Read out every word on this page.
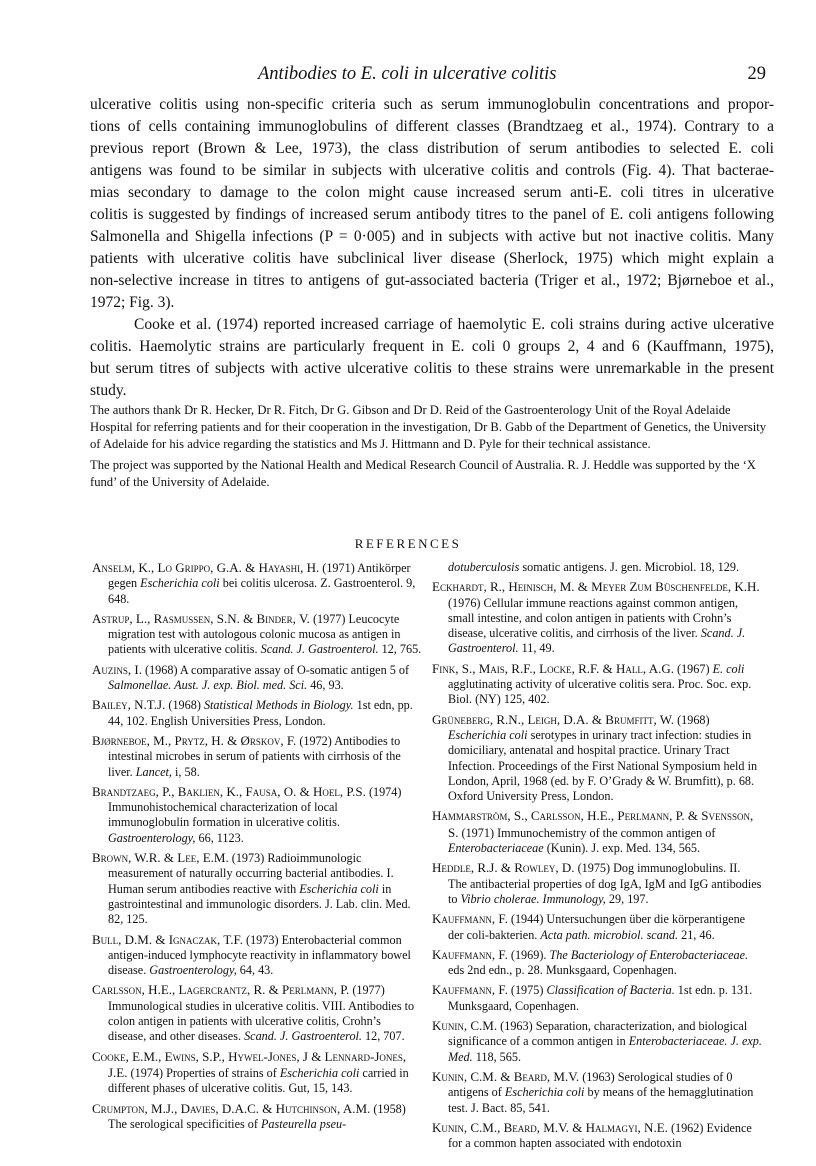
Antibodies to E. coli in ulcerative colitis	29

ulcerative colitis using non-specific criteria such as serum immunoglobulin concentrations and propor-
tions of cells containing immunoglobulins of different classes (Brandtzaeg et al., 1974). Contrary to a
previous report (Brown & Lee, 1973), the class distribution of serum antibodies to selected E. coli
antigens was found to be similar in subjects with ulcerative colitis and controls (Fig. 4). That bacterae-
mias secondary to damage to the colon might cause increased serum anti-E. coli titres in ulcerative
colitis is suggested by findings of increased serum antibody titres to the panel of E. coli antigens following
Salmonella and Shigella infections (P = 0·005) and in subjects with active but not inactive colitis. Many
patients with ulcerative colitis have subclinical liver disease (Sherlock, 1975) which might explain a
non-selective increase in titres to antigens of gut-associated bacteria (Triger et al., 1972; Bjørneboe et al.,
1972; Fig. 3).

Cooke et al. (1974) reported increased carriage of haemolytic E. coli strains during active ulcerative
colitis. Haemolytic strains are particularly frequent in E. coli 0 groups 2, 4 and 6 (Kauffmann, 1975),
but serum titres of subjects with active ulcerative colitis to these strains were unremarkable in the present
study.

The authors thank Dr R. Hecker, Dr R. Fitch, Dr G. Gibson and Dr D. Reid of the Gastroenterology Unit of the Royal Adelaide Hospital for referring patients and for their cooperation in the investigation, Dr B. Gabb of the Department of Genetics, the University of Adelaide for his advice regarding the statistics and Ms J. Hittmann and D. Pyle for their technical assistance.

The project was supported by the National Health and Medical Research Council of Australia. R. J. Heddle was supported by the ‘X fund’ of the University of Adelaide.

REFERENCES

Anselm, K., Lo Grippo, G.A. & Hayashi, H. (1971) Antikörper gegen Escherichia coli bei colitis ulcerosa. Z. Gastroenterol. 9, 648.

Astrup, L., Rasmussen, S.N. & Binder, V. (1977) Leucocyte migration test with autologous colonic mucosa as antigen in patients with ulcerative colitis. Scand. J. Gastroenterol. 12, 765.

Auzins, I. (1968) A comparative assay of O-somatic antigen 5 of Salmonellae. Aust. J. exp. Biol. med. Sci. 46, 93.

Bailey, N.T.J. (1968) Statistical Methods in Biology. 1st edn, pp. 44, 102. English Universities Press, London.

Bjørneboe, M., Prytz, H. & Ørskov, F. (1972) Antibodies to intestinal microbes in serum of patients with cirrhosis of the liver. Lancet, i, 58.

Brandtzaeg, P., Baklien, K., Fausa, O. & Hoel, P.S. (1974) Immunohistochemical characterization of local immunoglobulin formation in ulcerative colitis. Gastroenterology, 66, 1123.

Brown, W.R. & Lee, E.M. (1973) Radioimmunologic measurement of naturally occurring bacterial antibodies. I. Human serum antibodies reactive with Escherichia coli in gastrointestinal and immunologic disorders. J. Lab. clin. Med. 82, 125.

Bull, D.M. & Ignaczak, T.F. (1973) Enterobacterial common antigen-induced lymphocyte reactivity in inflammatory bowel disease. Gastroenterology, 64, 43.

Carlsson, H.E., Lagercrantz, R. & Perlmann, P. (1977) Immunological studies in ulcerative colitis. VIII. Antibodies to colon antigen in patients with ulcerative colitis, Crohn’s disease, and other diseases. Scand. J. Gastroenterol. 12, 707.

Cooke, E.M., Ewins, S.P., Hywel-Jones, J & Lennard-Jones, J.E. (1974) Properties of strains of Escherichia coli carried in different phases of ulcerative colitis. Gut, 15, 143.

Crumpton, M.J., Davies, D.A.C. & Hutchinson, A.M. (1958) The serological specificities of Pasteurella pseu-

dotuberculosis somatic antigens. J. gen. Microbiol. 18, 129.

Eckhardt, R., Heinisch, M. & Meyer Zum Büschenfelde, K.H. (1976) Cellular immune reactions against common antigen, small intestine, and colon antigen in patients with Crohn’s disease, ulcerative colitis, and cirrhosis of the liver. Scand. J. Gastroenterol. 11, 49.

Fink, S., Mais, R.F., Locke, R.F. & Hall, A.G. (1967) E. coli agglutinating activity of ulcerative colitis sera. Proc. Soc. exp. Biol. (NY) 125, 402.

Grüneberg, R.N., Leigh, D.A. & Brumfitt, W. (1968) Escherichia coli serotypes in urinary tract infection: studies in domiciliary, antenatal and hospital practice. Urinary Tract Infection. Proceedings of the First National Symposium held in London, April, 1968 (ed. by F. O’Grady & W. Brumfitt), p. 68. Oxford University Press, London.

Hammarström, S., Carlsson, H.E., Perlmann, P. & Svensson, S. (1971) Immunochemistry of the common antigen of Enterobacteriaceae (Kunin). J. exp. Med. 134, 565.

Heddle, R.J. & Rowley, D. (1975) Dog immunoglobulins. II. The antibacterial properties of dog IgA, IgM and IgG antibodies to Vibrio cholerae. Immunology, 29, 197.

Kauffmann, F. (1944) Untersuchungen über die körperantigene der coli-bakterien. Acta path. microbiol. scand. 21, 46.

Kauffmann, F. (1969). The Bacteriology of Enterobacteriaceae. eds 2nd edn., p. 28. Munksgaard, Copenhagen.

Kauffmann, F. (1975) Classification of Bacteria. 1st edn. p. 131. Munksgaard, Copenhagen.

Kunin, C.M. (1963) Separation, characterization, and biological significance of a common antigen in Enterobacteriaceae. J. exp. Med. 118, 565.

Kunin, C.M. & Beard, M.V. (1963) Serological studies of 0 antigens of Escherichia coli by means of the hemagglutination test. J. Bact. 85, 541.

Kunin, C.M., Beard, M.V. & Halmagyi, N.E. (1962) Evidence for a common hapten associated with endotoxin
